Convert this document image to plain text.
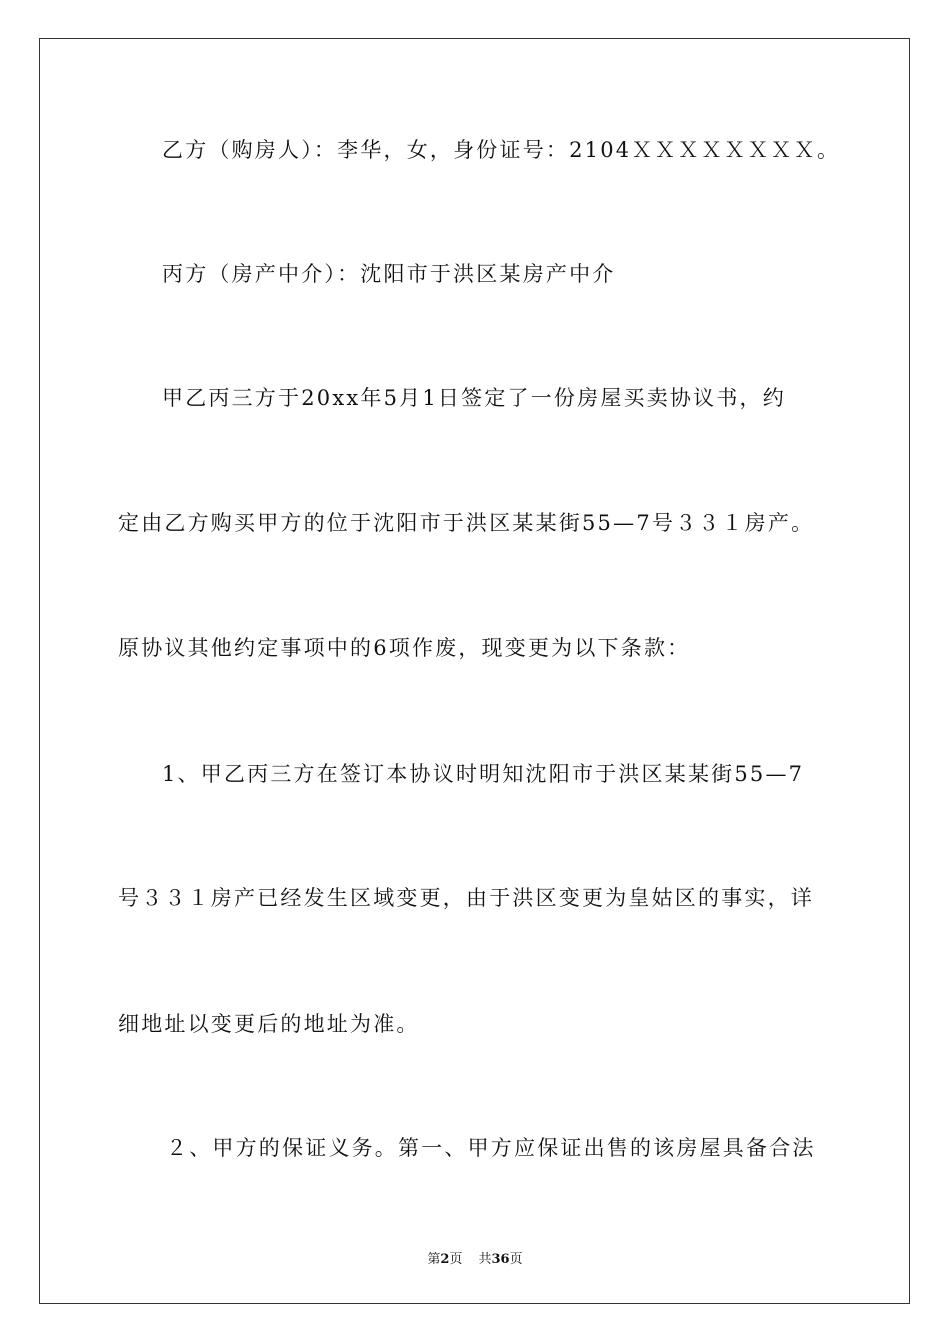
乙方（购房人）：李华，女，身份证号：2104ＸＸＸＸＸＸＸＸ。
丙方（房产中介）：沈阳市于洪区某房产中介
甲乙丙三方于20xx年5月1日签定了一份房屋买卖协议书，约
定由乙方购买甲方的位于沈阳市于洪区某某街55—7号３３１房产。
原协议其他约定事项中的6项作废，现变更为以下条款：
1、甲乙丙三方在签订本协议时明知沈阳市于洪区某某街55—7
号３３１房产已经发生区域变更，由于洪区变更为皇姑区的事实，详
细地址以变更后的地址为准。
２、甲方的保证义务。第一、甲方应保证出售的该房屋具备合法
第2页 共36页
